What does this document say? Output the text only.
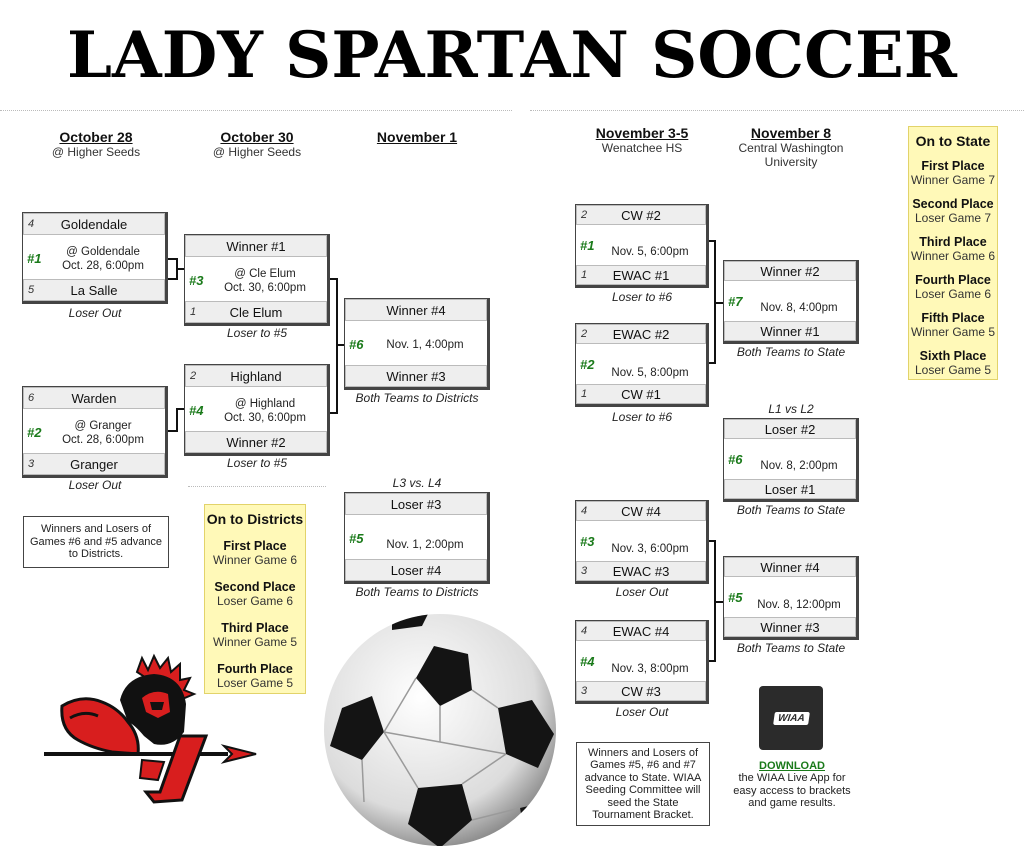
LADY SPARTAN SOCCER
October 28
@ Higher Seeds
October 30
@ Higher Seeds
November 1	November 3-5
Wenatchee HS
November 8
Central Washington University
4	Goldendale
#1	@ Goldendale
Oct. 28, 6:00pm
5	La Salle
Loser Out
6	Warden
#2	@ Granger
Oct. 28, 6:00pm
3	Granger
Loser Out
Winner #1
#3	@ Cle Elum
Oct. 30, 6:00pm
1	Cle Elum
Loser to #5
2	Highland
#4	@ Highland
Oct. 30, 6:00pm
Winner #2
Loser to #5
Winner #4
#6	Nov. 1, 4:00pm
Winner #3
Both Teams to Districts
L3 vs. L4
Loser #3
#5	Nov. 1, 2:00pm
Loser #4
Both Teams to Districts
Winners and Losers of Games #6 and #5 advance to Districts.
On to Districts
First Place
Winner Game 6
Second Place
Loser Game 6
Third Place
Winner Game 5
Fourth Place
Loser Game 5
2	CW #2
#1	Nov. 5, 6:00pm
1	EWAC #1
Loser to #6
2	EWAC #2
#2
Nov. 5, 8:00pm
1	CW #1
Loser to #6
Winner #2
#7	Nov. 8, 4:00pm
Winner #1
Both Teams to State
L1 vs L2
Loser #2
#6	Nov. 8, 2:00pm
Loser #1
Both Teams to State
4	CW #4
#3	Nov. 3, 6:00pm
3	EWAC #3
Loser Out
4	EWAC #4
#4	Nov. 3, 8:00pm
3	CW #3
Loser Out
Winner #4
#5	Nov. 8, 12:00pm
Winner #3
Both Teams to State
On to State
First Place
Winner Game 7
Second Place
Loser Game 7
Third Place
Winner Game 6
Fourth Place
Loser Game 6
Fifth Place
Winner Game 5
Sixth Place
Loser Game 5
Winners and Losers of Games #5, #6 and #7 advance to State. WIAA Seeding Committee will seed the State Tournament Bracket.
WIAA
DOWNLOAD
the WIAA Live App for easy access to brackets and game results.
